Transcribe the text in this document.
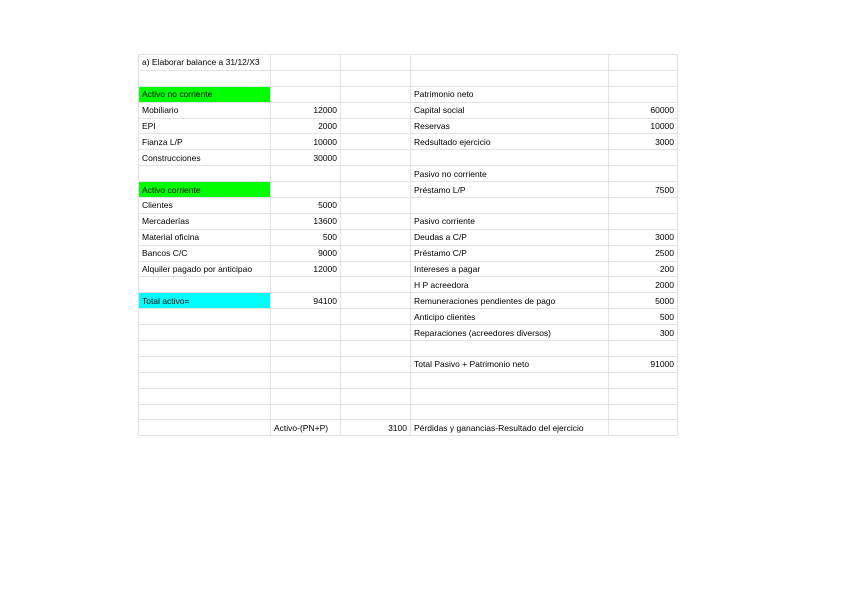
a) Elaborar balance a 31/12/X3				

Activo no corriente			Patrimonio neto	
Mobiliario	12000		Capital social	60000
EPI	2000		Reservas	10000
Fianza L/P	10000		Redsultado ejercicio	3000
Construcciones	30000			
			Pasivo no corriente	
Activo corriente			Préstamo L/P	7500
Clientes	5000			
Mercaderías	13600		Pasivo corriente	
Material oficina	500		Deudas a C/P	3000
Bancos C/C	9000		Préstamo C/P	2500
Alquiler pagado por anticipao	12000		Intereses a pagar	200
			H P acreedora	2000
Total activo=	94100		Remuneraciones pendientes de pago	5000
			Anticipo clientes	500
			Reparaciones (acreedores diversos)	300

			Total Pasivo + Patrimonio neto	91000

	Activo-(PN+P)	3100	Pérdidas y ganancias-Resultado del ejercicio	
